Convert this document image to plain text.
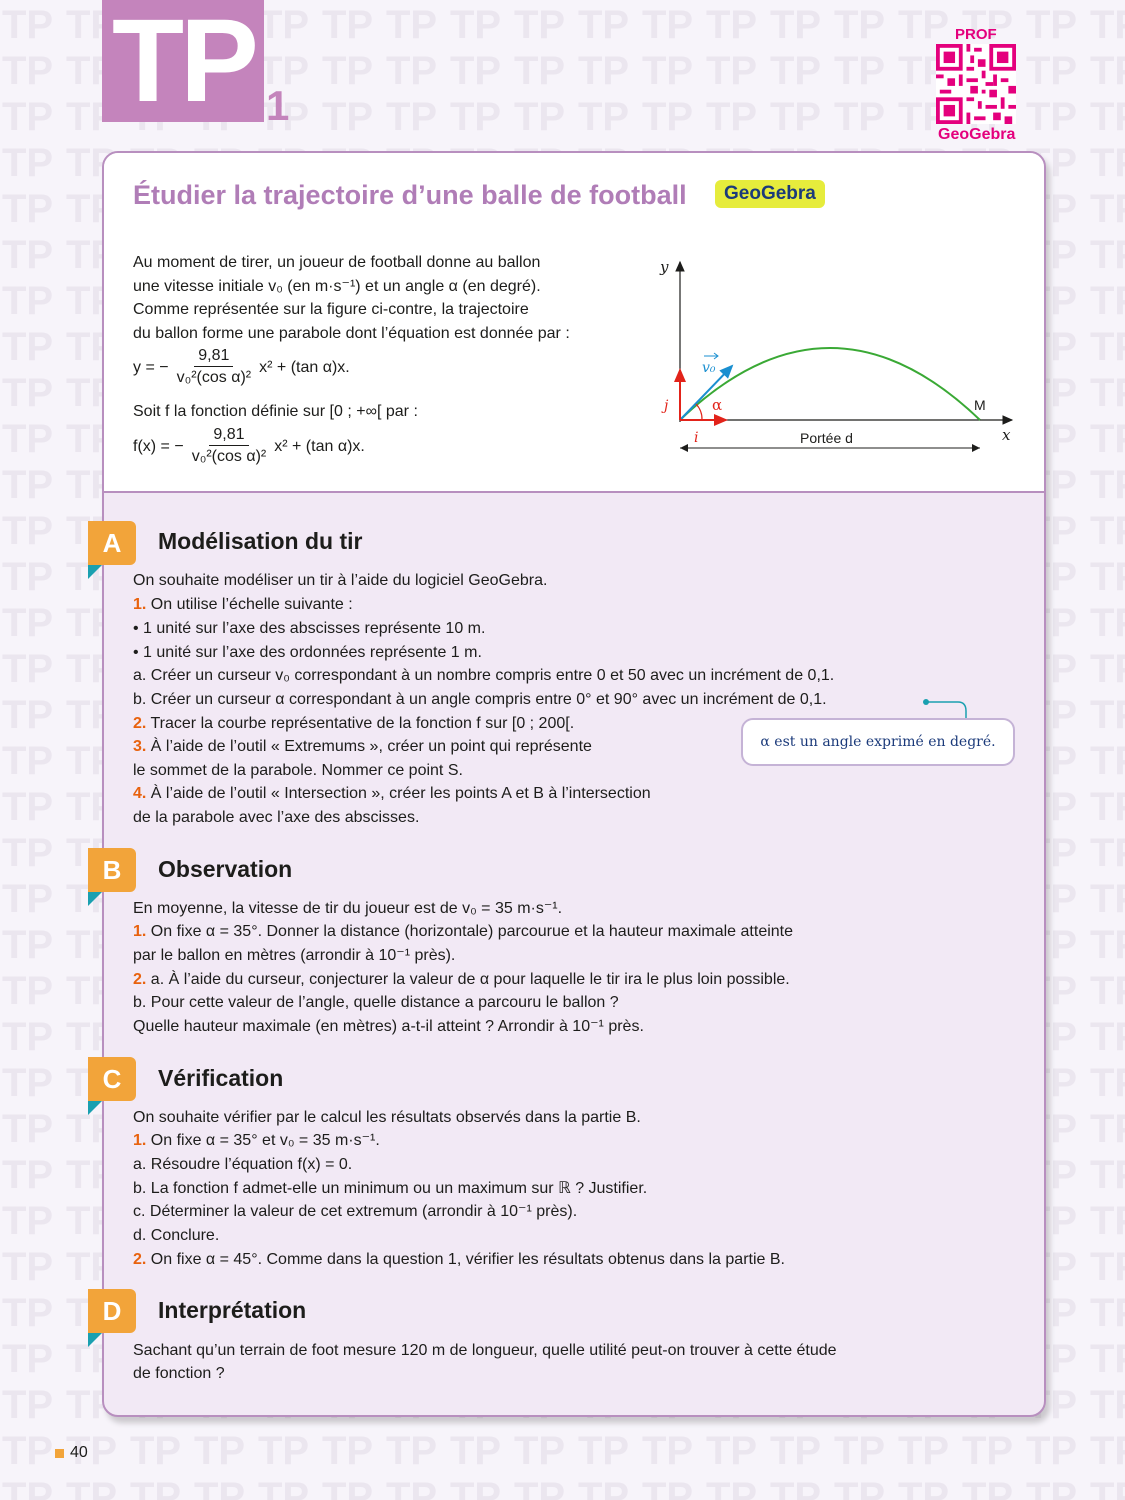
TP 1
PROF
GeoGebra
Étudier la trajectoire d’une balle de football	GeoGebra
Au moment de tirer, un joueur de football donne au ballon
une vitesse initiale v₀ (en m·s⁻¹) et un angle α (en degré).
Comme représentée sur la figure ci-contre, la trajectoire
du ballon forme une parabole dont l’équation est donnée par :
y = − $\frac{9,81}{\text{v₀²(cos α)²}} x^2 + (\tan$ α)x.
Soit f la fonction définie sur [0 ; +∞[ par :
f(x) = − $\frac{9,81}{\text{v₀²(cos α)²}} x^2 + (\tan$ α)x.
y
x
v₀
α
j
i
M
Portée d
A	Modélisation du tir
On souhaite modéliser un tir à l’aide du logiciel GeoGebra.
1. On utilise l’échelle suivante :
• 1 unité sur l’axe des abscisses représente 10 m.
• 1 unité sur l’axe des ordonnées représente 1 m.
a. Créer un curseur v₀ correspondant à un nombre compris entre 0 et 50 avec un incrément de 0,1.
b. Créer un curseur α correspondant à un angle compris entre 0° et 90° avec un incrément de 0,1.
2. Tracer la courbe représentative de la fonction f sur [0 ; 200[.
3. À l’aide de l’outil « Extremums », créer un point qui représente
le sommet de la parabole. Nommer ce point S.
4. À l’aide de l’outil « Intersection », créer les points A et B à l’intersection
de la parabole avec l’axe des abscisses.
α est un angle exprimé en degré.
B	Observation
En moyenne, la vitesse de tir du joueur est de v₀ = 35 m·s⁻¹.
1. On fixe α = 35°. Donner la distance (horizontale) parcourue et la hauteur maximale atteinte
par le ballon en mètres (arrondir à 10⁻¹ près).
2. a. À l’aide du curseur, conjecturer la valeur de α pour laquelle le tir ira le plus loin possible.
b. Pour cette valeur de l’angle, quelle distance a parcouru le ballon ?
Quelle hauteur maximale (en mètres) a-t-il atteint ? Arrondir à 10⁻¹ près.
C	Vérification
On souhaite vérifier par le calcul les résultats observés dans la partie B.
1. On fixe α = 35° et v₀ = 35 m·s⁻¹.
a. Résoudre l’équation f(x) = 0.
b. La fonction f admet-elle un minimum ou un maximum sur ℝ ? Justifier.
c. Déterminer la valeur de cet extremum (arrondir à 10⁻¹ près).
d. Conclure.
2. On fixe α = 45°. Comme dans la question 1, vérifier les résultats obtenus dans la partie B.
D	Interprétation
Sachant qu’un terrain de foot mesure 120 m de longueur, quelle utilité peut-on trouver à cette étude
de fonction ?
40
